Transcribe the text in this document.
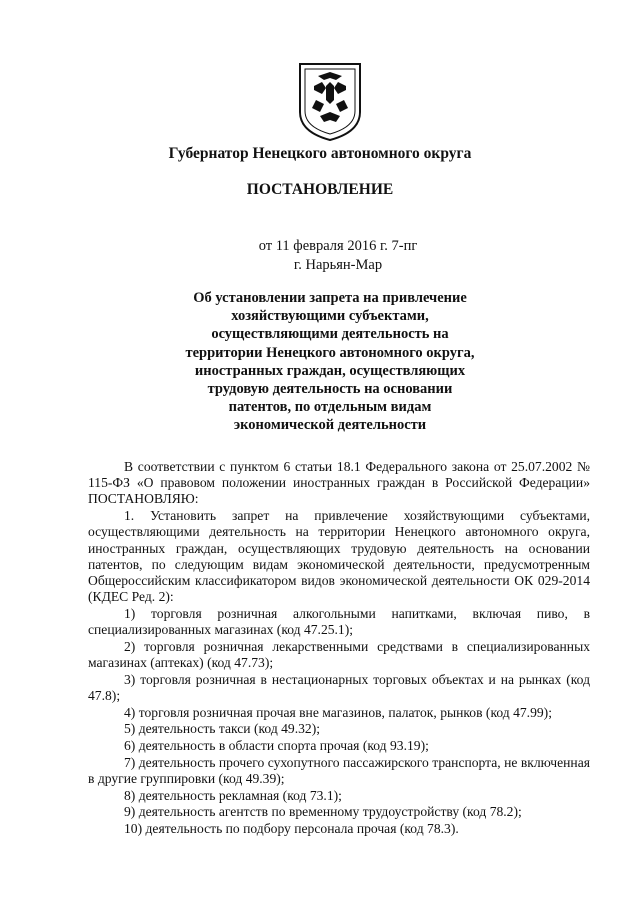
Губернатор Ненецкого автономного округа
ПОСТАНОВЛЕНИЕ
от 11 февраля 2016 г. 7-пг
г. Нарьян-Мар
Об установлении запрета на привлечение хозяйствующими субъектами, осуществляющими деятельность на территории Ненецкого автономного округа, иностранных граждан, осуществляющих трудовую деятельность на основании патентов, по отдельным видам экономической деятельности

В соответствии с пунктом 6 статьи 18.1 Федерального закона от 25.07.2002 № 115-ФЗ «О правовом положении иностранных граждан в Российской Федерации» ПОСТАНОВЛЯЮ:

1. Установить запрет на привлечение хозяйствующими субъектами, осуществляющими деятельность на территории Ненецкого автономного округа, иностранных граждан, осуществляющих трудовую деятельность на основании патентов, по следующим видам экономической деятельности, предусмотренным Общероссийским классификатором видов экономической деятельности ОК 029-2014 (КДЕС Ред. 2):

1) торговля розничная алкогольными напитками, включая пиво, в специализированных магазинах (код 47.25.1);

2) торговля розничная лекарственными средствами в специализированных магазинах (аптеках) (код 47.73);

3) торговля розничная в нестационарных торговых объектах и на рынках (код 47.8);

4) торговля розничная прочая вне магазинов, палаток, рынков (код 47.99);

5) деятельность такси (код 49.32);

6) деятельность в области спорта прочая (код 93.19);

7) деятельность прочего сухопутного пассажирского транспорта, не включенная в другие группировки (код 49.39);

8) деятельность рекламная (код 73.1);

9) деятельность агентств по временному трудоустройству (код 78.2);

10) деятельность по подбору персонала прочая (код 78.3).
